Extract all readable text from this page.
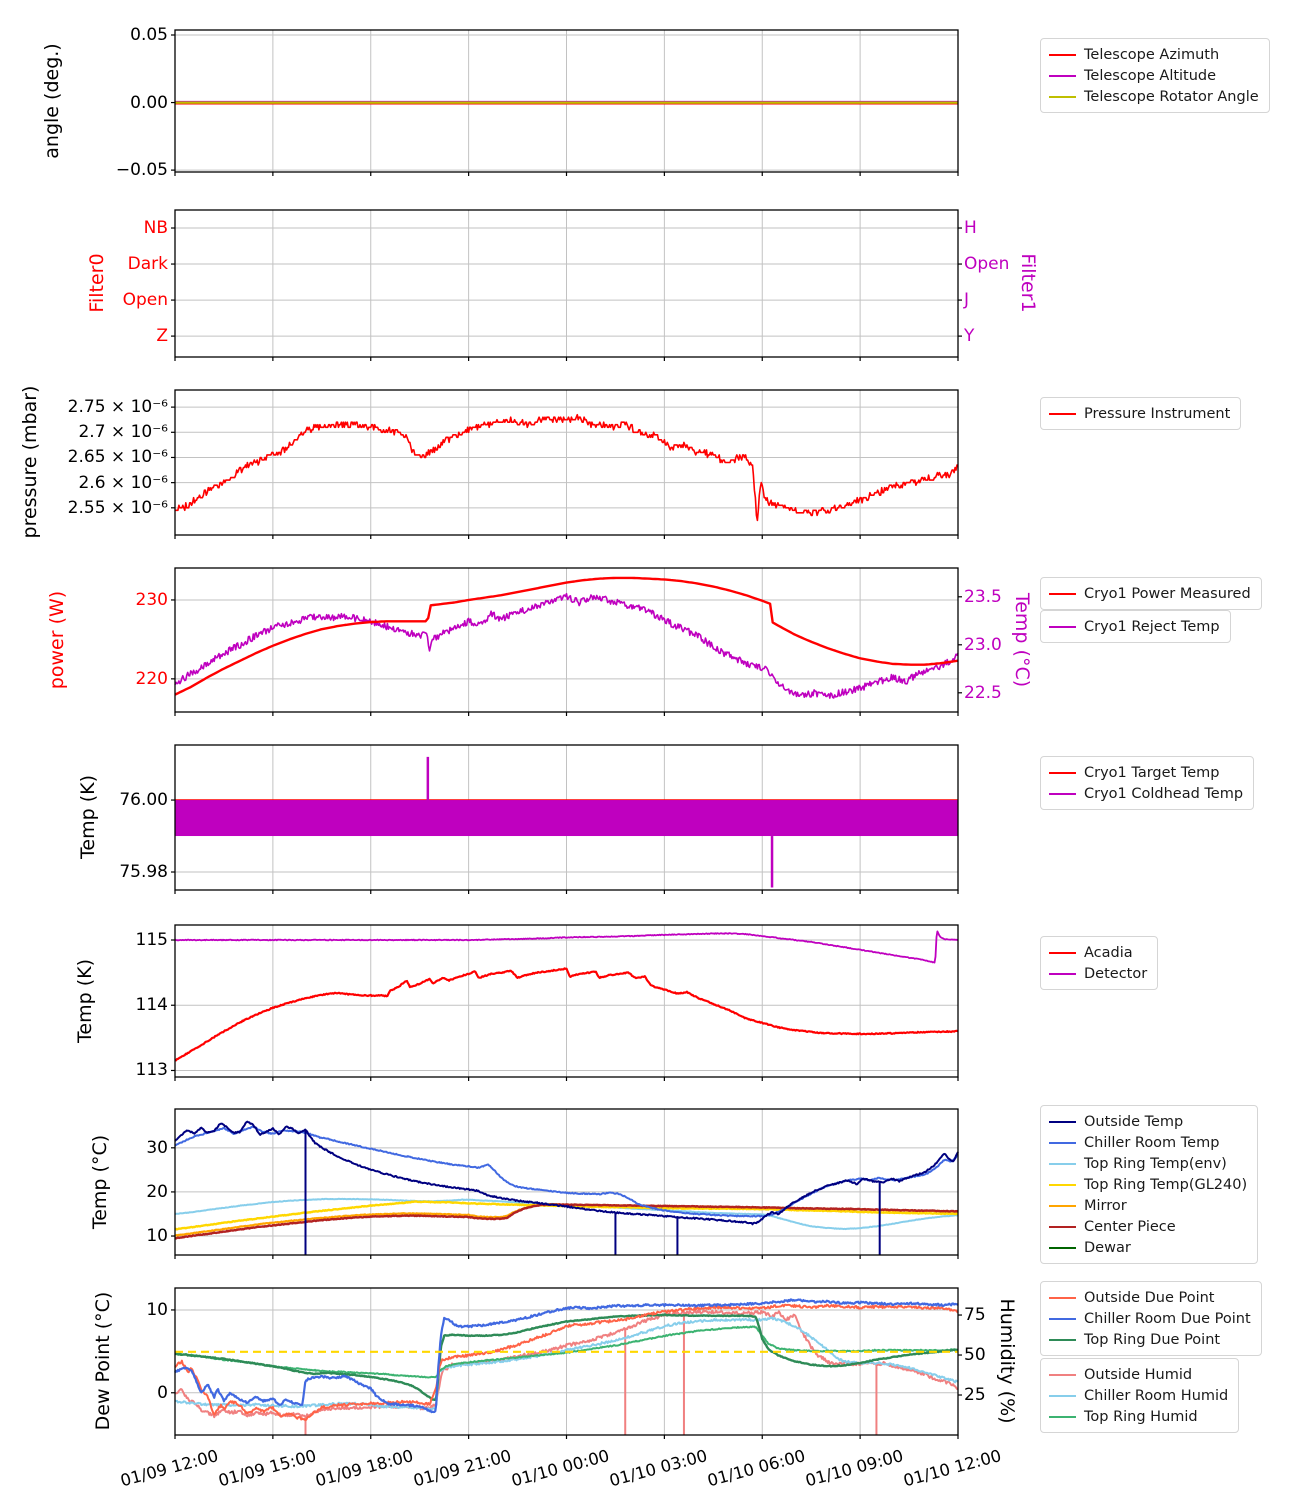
angle (deg.)
Filter0
pressure (mbar)
power (W)
Temp (K)
Temp (K)
Temp (°C)
Dew Point (°C)
Filter1
Temp (°C)
Humidity (%)
0.05
0.00
−0.05
NB
Dark
Open
Z
H
Open
J
Y
2.75 × 10⁻⁶
2.7 × 10⁻⁶
2.65 × 10⁻⁶
2.6 × 10⁻⁶
2.55 × 10⁻⁶
230
220
23.5
23.0
22.5
76.00
75.98
115
114
113
30
20
10
10
0
75
50
25
01/09 12:00
01/09 15:00
01/09 18:00
01/09 21:00
01/10 00:00
01/10 03:00
01/10 06:00
01/10 09:00
01/10 12:00
Telescope Azimuth
Telescope Altitude
Telescope Rotator Angle
Pressure Instrument
Cryo1 Power Measured
Cryo1 Reject Temp
Cryo1 Target Temp
Cryo1 Coldhead Temp
Acadia
Detector
Outside Temp
Chiller Room Temp
Top Ring Temp(env)
Top Ring Temp(GL240)
Mirror
Center Piece
Dewar
Outside Due Point
Chiller Room Due Point
Top Ring Due Point
Outside Humid
Chiller Room Humid
Top Ring Humid
